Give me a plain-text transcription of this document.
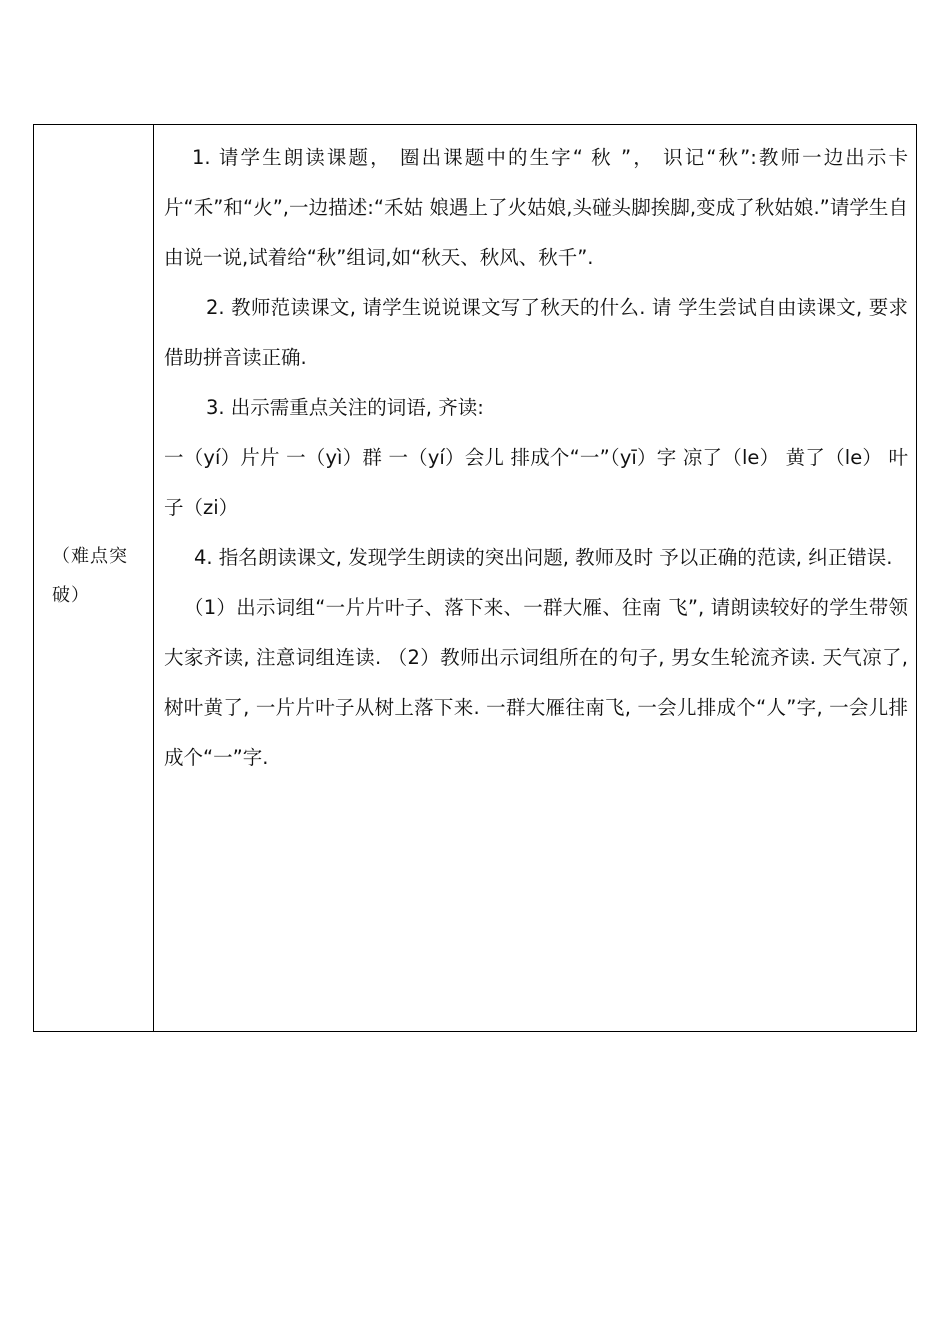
（难点突破）

1. 请学生朗读课题， 圈出课题中的生字“ 秋 ”， 识记“秋”:教师一边出示卡片“禾”和“火”,一边描述:“禾姑 娘遇上了火姑娘,头碰头脚挨脚,变成了秋姑娘.”请学生自 由说一说,试着给“秋”组词,如“秋天、秋风、秋千”.

2. 教师范读课文, 请学生说说课文写了秋天的什么. 请 学生尝试自由读课文, 要求借助拼音读正确.

3. 出示需重点关注的词语, 齐读:

一（yí）片片 一（yì）群 一（yí）会儿 排成个“一”（yī）字 凉了（le） 黄了（le） 叶子（zi）

4. 指名朗读课文, 发现学生朗读的突出问题, 教师及时 予以正确的范读, 纠正错误.

（1）出示词组“一片片叶子、落下来、一群大雁、往南 飞”, 请朗读较好的学生带领大家齐读, 注意词组连读. （2）教师出示词组所在的句子, 男女生轮流齐读. 天气凉了, 树叶黄了, 一片片叶子从树上落下来. 一群大雁往南飞, 一会儿排成个“人”字, 一会儿排成个“一”字.
